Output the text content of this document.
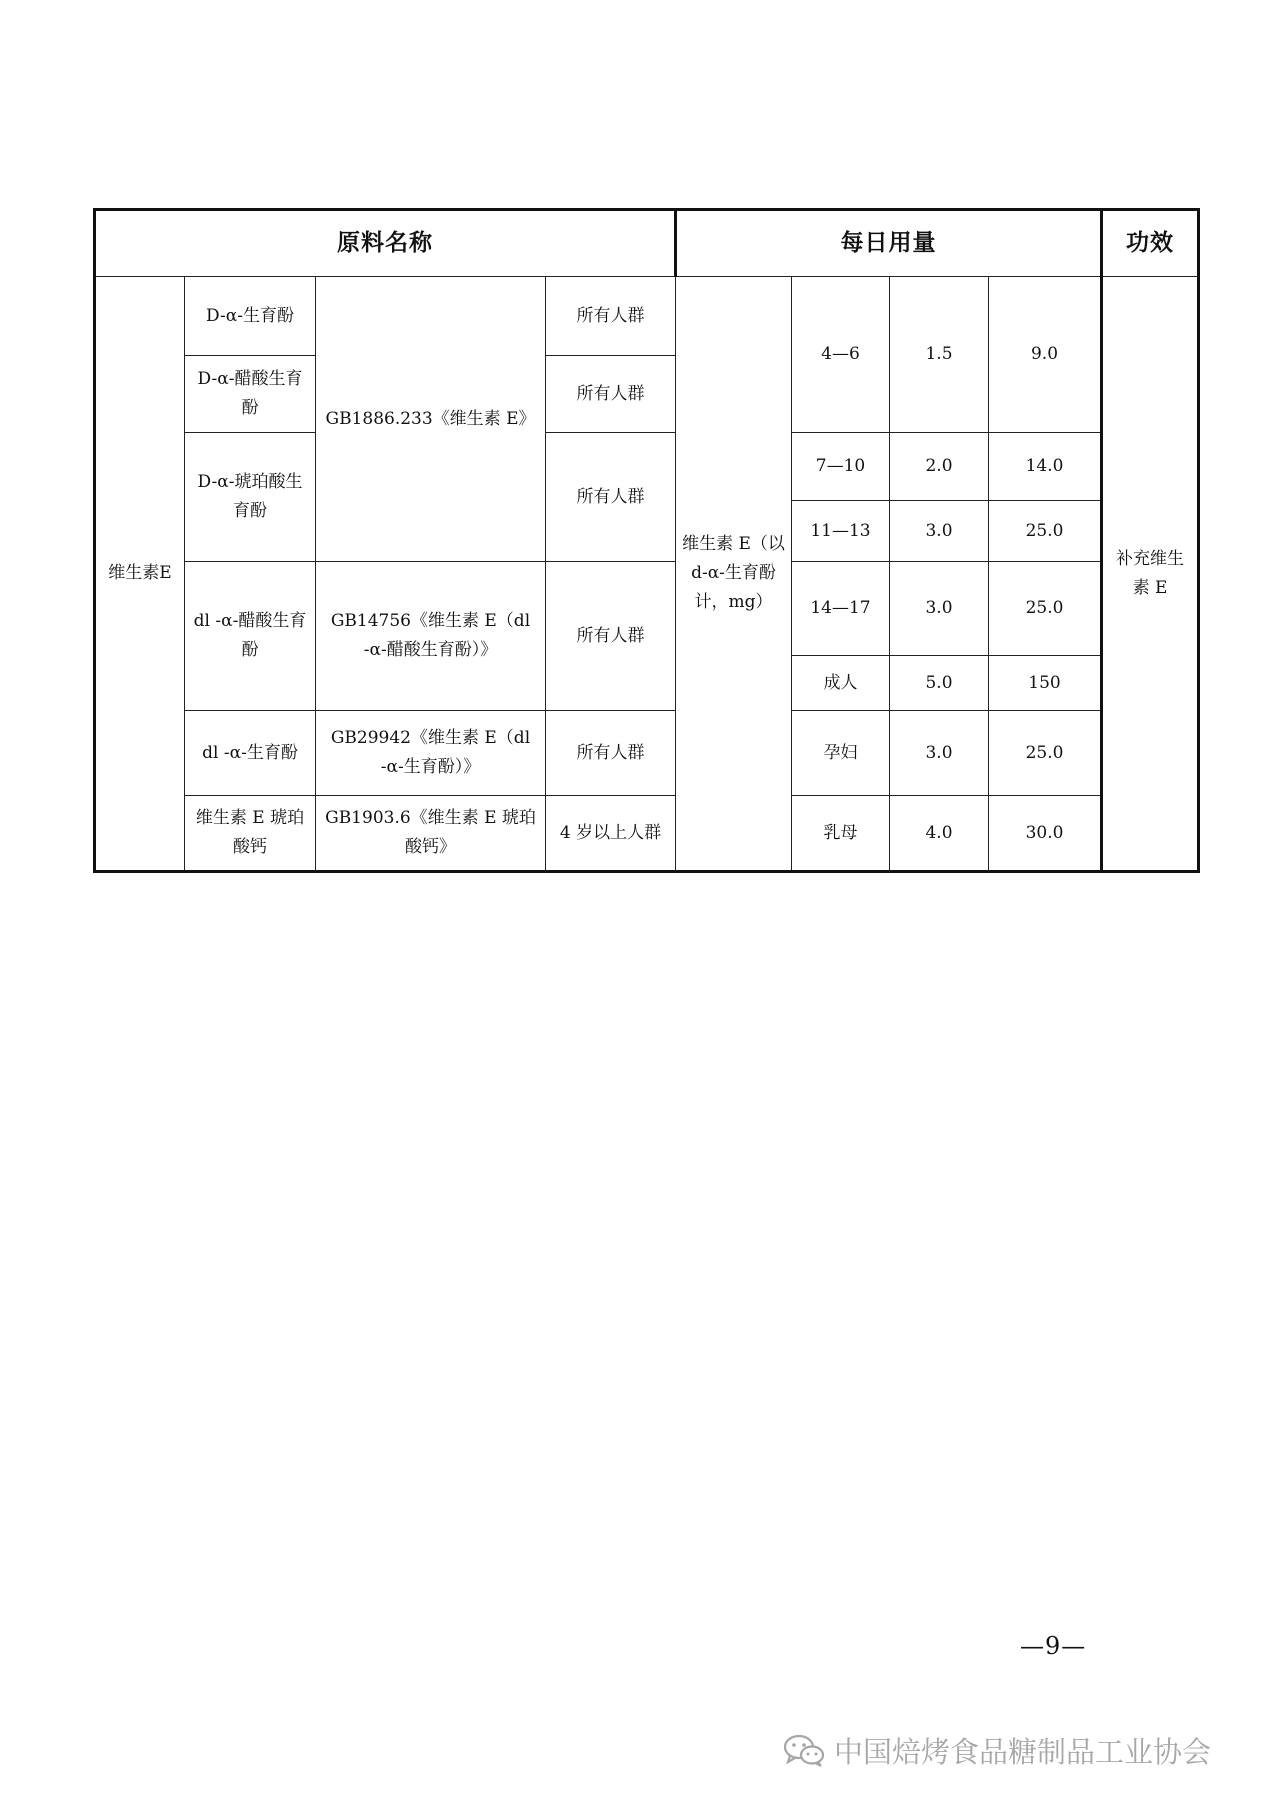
原料名称				每日用量				功效
维生素E	D-α-生育酚	GB1886.233《维生素 E》	所有人群	维生素 E（以 d-α-生育酚计，mg）	4—6	1.5	9.0	补充维生素 E
	D-α-醋酸生育酚		所有人群					
	D-α-琥珀酸生育酚		所有人群		7—10	2.0	14.0	
					11—13	3.0	25.0	
	dl -α-醋酸生育酚	GB14756《维生素 E（dl -α-醋酸生育酚）》	所有人群		14—17	3.0	25.0	
					成人	5.0	150	
	dl -α-生育酚	GB29942《维生素 E（dl -α-生育酚）》	所有人群		孕妇	3.0	25.0	
	维生素 E 琥珀酸钙	GB1903.6《维生素 E 琥珀酸钙》	4 岁以上人群		乳母	4.0	30.0	
—9—
中国焙烤食品糖制品工业协会
